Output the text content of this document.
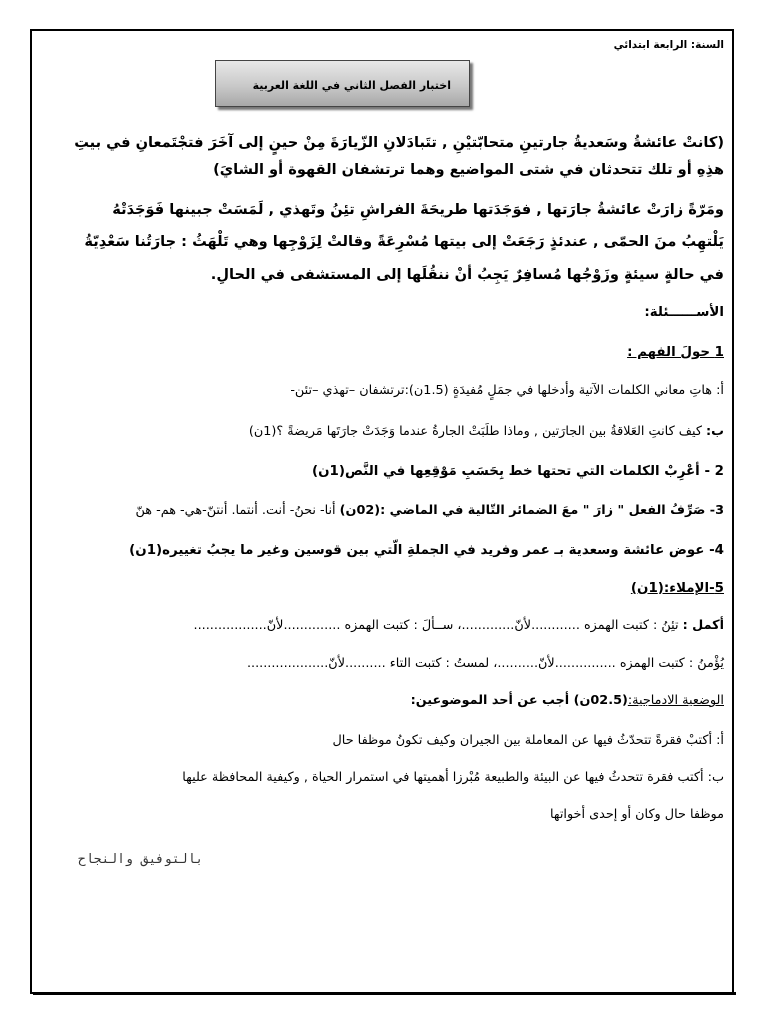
السنة: الرابعة ابتدائي
اختبار الفصل الثاني في اللغة العربية
(كانتْ عائشةُ وسَعديةُ جارتينِ متحابّتيْنِ , تتَبادَلانِ الزّيارَةَ مِنْ حينٍ إلى آخَرَ فتجْتَمعانِ في بيتِ
هذِهِ أو تلك تتحدثان في شتى المواضيع وهما ترتشفان القهوة أو الشايَ)
ومَرّةً زارَتْ عائشةُ جارَتها , فوَجَدَتها طريحَةَ الفراشِ تئِنُ وتَهذي , لَمَسَتْ جبينها فَوَجَدَتْهُ
يَلْتهِبُ منَ الحمّى , عندئذٍ رَجَعَتْ إلى بيتها مُسْرِعَةً وقالتْ لِزَوْجِها وهي تَلْهَثُ : جارَتُنا سَعْدِيّةُ
في حالةٍ سيئةٍ وزَوْجُها مُسافِرٌ يَجِبُ أنْ ننقُلَها إلى المستشفى في الحالِ.
الأســــــئلة:
1 حولَ الفهم :
أ: هاتِ معاني الكلمات الآتية وأدخلها في جمَلٍ مُفيدَةٍ (1.5ن):ترتشفان –تهذي –تئن-
ب: كيف كانتِ العَلاقةُ بين الجارَتين , وماذا طلَبَتْ الجارةُ عندما وَجَدَتْ جارَتَها مَريضةً ؟(1ن)
2 - أعْرِبْ الكلمات التي تحتها خط بِحَسَبِ مَوْقِعِها في النَّص(1ن)
3- صَرِّفُ الفعل " زارَ " معَ الضمائر التّالية في الماضي :(02ن) أنا- نحنُ- أنت. أنتما. أنتنّ-هي- هم- هنّ
4- عوض عائشة وسعدية بـ عمر وفريد في الجملةِ الّتي بين قوسين وغير ما يجبُ تغييره(1ن)
5-الإملاء:(1ن)
أكمل : تئِنُ : كتبت الهمزه ............لأنّ.............، ســألَ : كتبت الهمزه ..............لأنّ..................
يُؤْمنُ : كتبت الهمزه ...............لأنّ..........، لمستُ : كتبت التاء ..........لأنّ....................
الوضعية الادماجية:(02.5ن) أجب عن أحد الموضوعين:
أ: أكتبْ فقرةً تتحدّثُ فيها عن المعاملة بين الجيران وكيف تكونُ موظفا حال
ب: أكتب فقرة تتحدثُ فيها عن البيئة والطبيعة مُبْرزا أهميتها في استمرار الحياة , وكيفية المحافظة عليها
موظفا حال وكان أو إحدى أخواتها
بالتوفيق والنجاح
